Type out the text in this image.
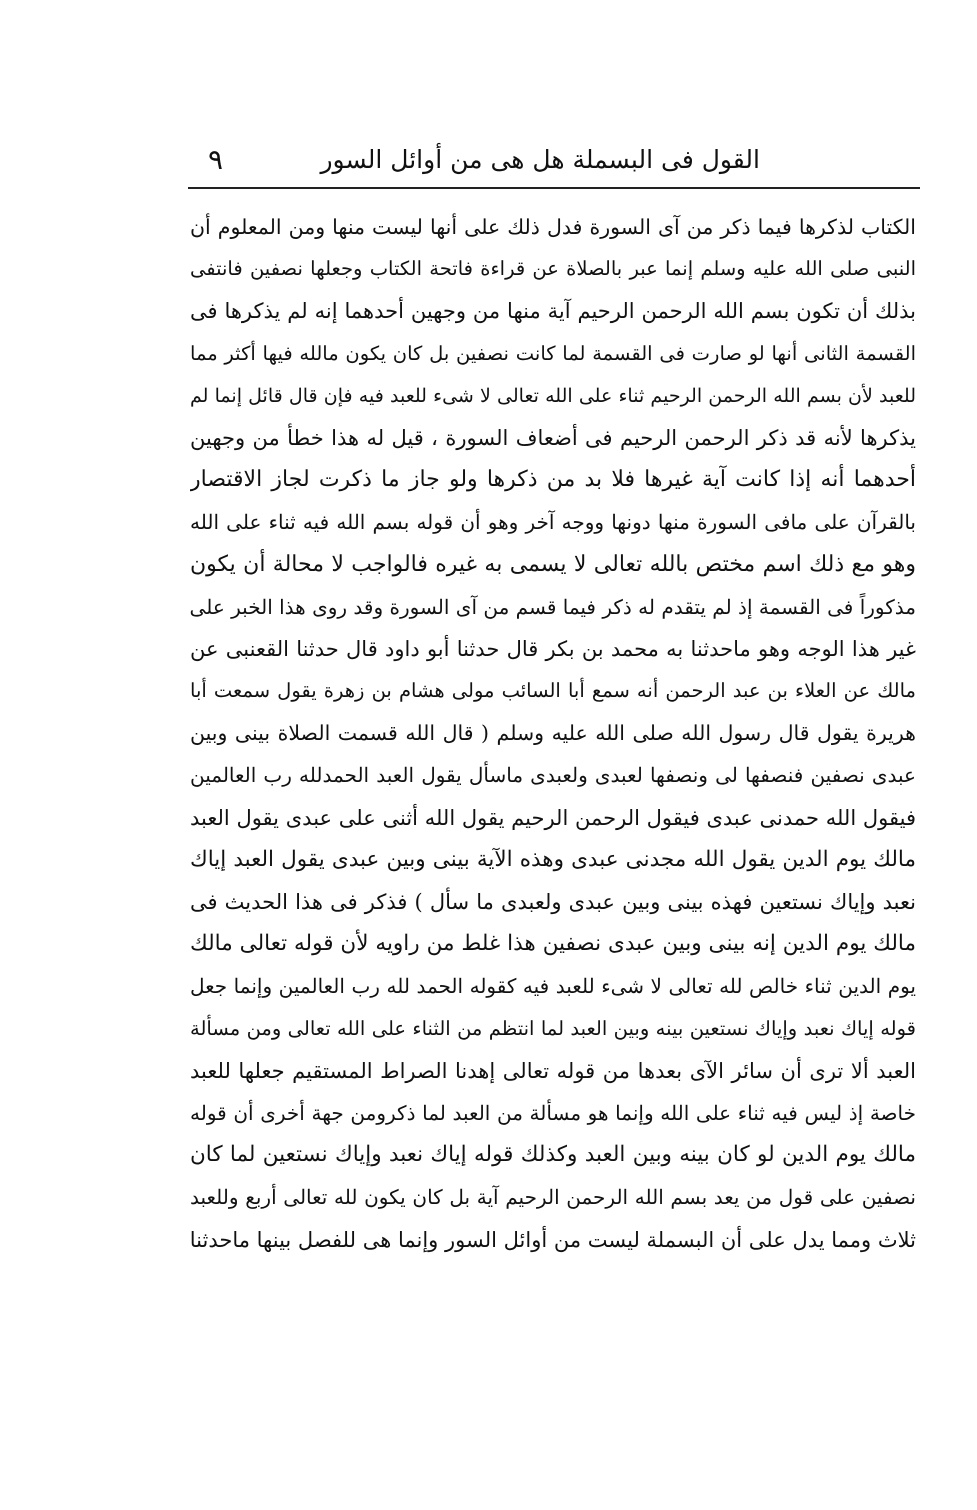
القول فى البسملة هل هى من أوائل السور
٩
الكتاب لذكرها فيما ذكر من آى السورة فدل ذلك على أنها ليست منها ومن المعلوم أن
النبى صلى الله عليه وسلم إنما عبر بالصلاة عن قراءة فاتحة الكتاب وجعلها نصفين فانتفى
بذلك أن تكون بسم الله الرحمن الرحيم آية منها من وجهين أحدهما إنه لم يذكرها فى
القسمة الثانى أنها لو صارت فى القسمة لما كانت نصفين بل كان يكون مالله فيها أكثر مما
للعبد لأن بسم الله الرحمن الرحيم ثناء على الله تعالى لا شىء للعبد فيه فإن قال قائل إنما لم
يذكرها لأنه قد ذكر الرحمن الرحيم فى أضعاف السورة ، قيل له هذا خطأ من وجهين
أحدهما أنه إذا كانت آية غيرها فلا بد من ذكرها ولو جاز ما ذكرت لجاز الاقتصار
بالقرآن على مافى السورة منها دونها ووجه آخر وهو أن قوله بسم الله فيه ثناء على الله
وهو مع ذلك اسم مختص بالله تعالى لا يسمى به غيره فالواجب لا محالة أن يكون
مذكوراً فى القسمة إذ لم يتقدم له ذكر فيما قسم من آى السورة وقد روى هذا الخبر على
غير هذا الوجه وهو ماحدثنا به محمد بن بكر قال حدثنا أبو داود قال حدثنا القعنبى عن
مالك عن العلاء بن عبد الرحمن أنه سمع أبا السائب مولى هشام بن زهرة يقول سمعت أبا
هريرة يقول قال رسول الله صلى الله عليه وسلم ( قال الله قسمت الصلاة بينى وبين
عبدى نصفين فنصفها لى ونصفها لعبدى ولعبدى ماسأل يقول العبد الحمدلله رب العالمين
فيقول الله حمدنى عبدى فيقول الرحمن الرحيم يقول الله أثنى على عبدى يقول العبد
مالك يوم الدين يقول الله مجدنى عبدى وهذه الآية بينى وبين عبدى يقول العبد إياك
نعبد وإياك نستعين فهذه بينى وبين عبدى ولعبدى ما سأل ) فذكر فى هذا الحديث فى
مالك يوم الدين إنه بينى وبين عبدى نصفين هذا غلط من راويه لأن قوله تعالى مالك
يوم الدين ثناء خالص لله تعالى لا شىء للعبد فيه كقوله الحمد لله رب العالمين وإنما جعل
قوله إياك نعبد وإياك نستعين بينه وبين العبد لما انتظم من الثناء على الله تعالى ومن مسألة
العبد ألا ترى أن سائر الآى بعدها من قوله تعالى إهدنا الصراط المستقيم جعلها للعبد
خاصة إذ ليس فيه ثناء على الله وإنما هو مسألة من العبد لما ذكرومن جهة أخرى أن قوله
مالك يوم الدين لو كان بينه وبين العبد وكذلك قوله إياك نعبد وإياك نستعين لما كان
نصفين على قول من يعد بسم الله الرحمن الرحيم آية بل كان يكون لله تعالى أربع وللعبد
ثلاث ومما يدل على أن البسملة ليست من أوائل السور وإنما هى للفصل بينها ماحدثنا
